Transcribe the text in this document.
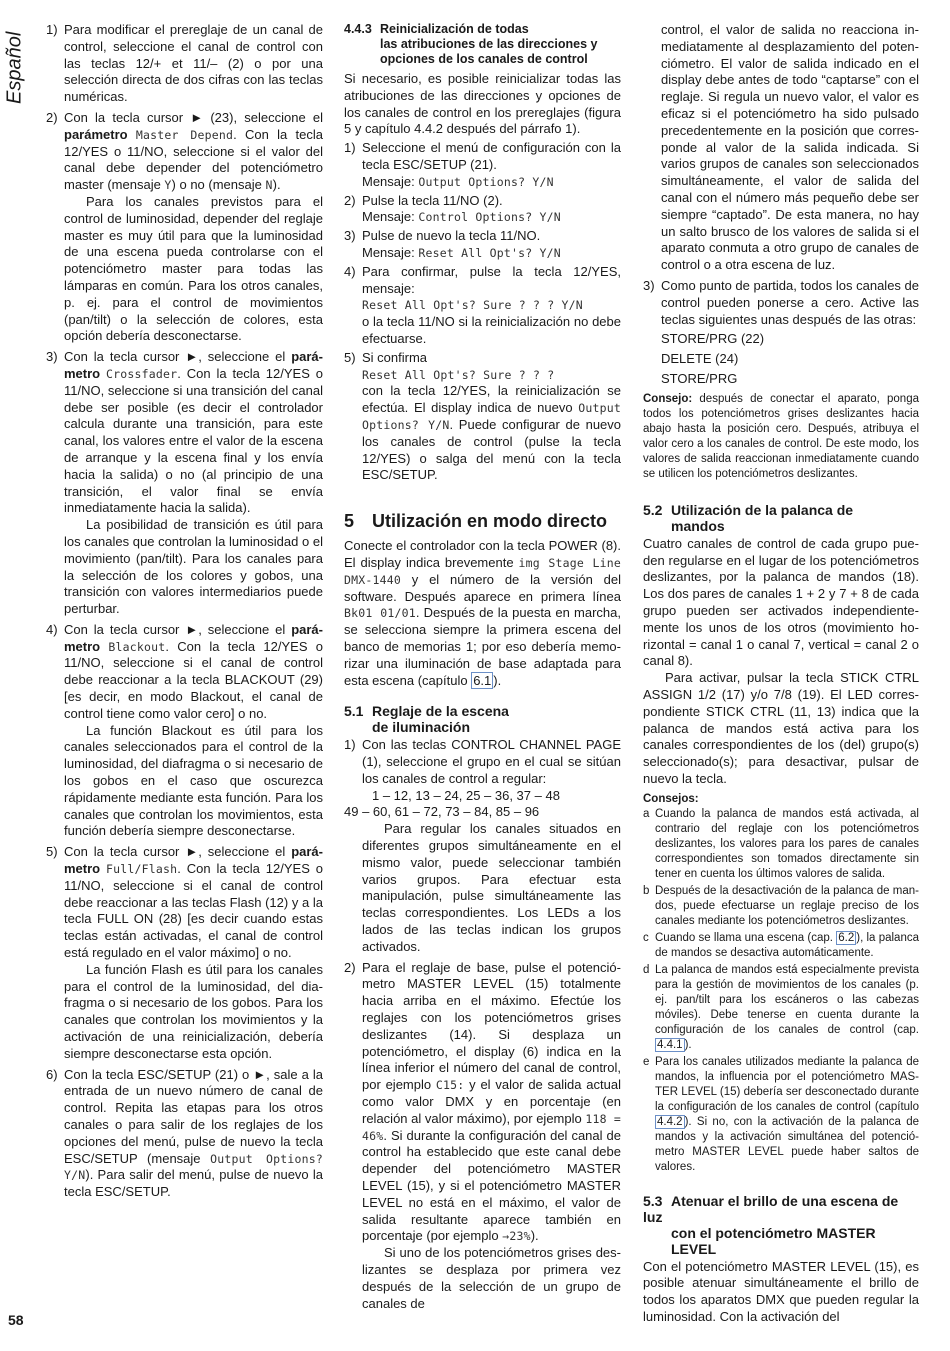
Español
58
1) Para modificar el prereglaje de un canal de control, seleccione el canal de control con las teclas 12/+ et 11/– (2) o por una selección directa de dos cifras con las teclas numéricas.

2) Con la tecla cursor ► (23), seleccione el parámetro Master Depend. Con la tecla 12/YES o 11/NO, seleccione si el valor del canal debe depender del potenciómetro master (mensaje Y) o no (mensaje N).

Para los canales previstos para el control de luminosidad, depender del reglaje master es muy útil para que la luminosidad de una escena pueda controlarse con el potenciómetro master para todas las lámparas en común. Para los otros canales, p. ej. para el control de movimientos (pan/tilt) o la selección de colores, esta opción debería desconectarse.

3) Con la tecla cursor ►, seleccione el parámetro Crossfader. Con la tecla 12/YES o 11/NO, seleccione si una transición del canal debe ser posible (es decir el controlador calcula durante una transición, para este canal, los valores entre el valor de la escena de arranque y la escena final y los envía hacia la salida) o no (al principio de una transición, el valor final se envía inmediatamente hacia la salida).

La posibilidad de transición es útil para los canales que controlan la luminosidad o el movimiento (pan/tilt). Para los canales para la selección de los colores y gobos, una transición con valores intermediarios puede perturbar.

4) Con la tecla cursor ►, seleccione el parámetro Blackout. Con la tecla 12/YES o 11/NO, seleccione si el canal de control debe reaccionar a la tecla BLACKOUT (29) [es decir, en modo Blackout, el canal de control tiene como valor cero] o no.

La función Blackout es útil para los canales seleccionados para el control de la luminosidad, del diafragma o si necesario de los gobos en el caso que oscurezca rápidamente mediante esta función. Para los canales que controlan los movimientos, esta función debería siempre desconectarse.

5) Con la tecla cursor ►, seleccione el parámetro Full/Flash. Con la tecla 12/YES o 11/NO, seleccione si el canal de control debe reaccionar a las teclas Flash (12) y a la tecla FULL ON (28) [es decir cuando estas teclas están activadas, el canal de control está regulado en el valor máximo] o no.

La función Flash es útil para los canales para el control de la luminosidad, del diafragma o si necesario de los gobos. Para los canales que controlan los movimientos y la activación de una reinicialización, debería siempre desconectarse esta opción.

6) Con la tecla ESC/SETUP (21) o ►, sale a la entrada de un nuevo número de canal de control. Repita las etapas para los otros canales o para salir de los reglajes de los opciones del menú, pulse de nuevo la tecla ESC/SETUP (mensaje Output Options? Y/N). Para salir del menú, pulse de nuevo la tecla ESC/SETUP.

4.4.3 Reinicialización de todas
las atribuciones de las direcciones y
opciones de los canales de control

Si necesario, es posible reinicializar todas las atribuciones de las direcciones y opciones de los canales de control en los prereglajes (figura 5 y capítulo 4.4.2 después del párrafo 1).

1) Seleccione el menú de configuración con la tecla ESC/SETUP (21).

Mensaje: Output Options? Y/N
2) Pulse la tecla 11/NO (2).

Mensaje: Control Options? Y/N
3) Pulse de nuevo la tecla 11/NO.

Mensaje: Reset All Opt's? Y/N
4) Para confirmar, pulse la tecla 12/YES, mensaje:

Reset All Opt's? Sure ? ? ? Y/N

o la tecla 11/NO si la reinicialización no debe efectuarse.

5) Si confirma

Reset All Opt's? Sure ? ? ?

con la tecla 12/YES, la reinicialización se efectúa. El display indica de nuevo Output Options? Y/N. Puede configurar de nuevo los canales de control (pulse la tecla 12/YES) o salga del menú con la tecla ESC/SETUP.

5 Utilización en modo directo

Conecte el controlador con la tecla POWER (8). El display indica brevemente img Stage Line DMX-1440 y el número de la versión del software. Después aparece en primera línea Bk01 01/01. Después de la puesta en marcha, se selecciona siempre la primera escena del banco de memorias 1; por eso debería memorizar una iluminación de base adaptada para esta escena (capítulo 6.1 ).

5.1 Reglaje de la escena
de iluminación
1) Con las teclas CONTROL CHANNEL PAGE (1), seleccione el grupo en el cual se sitúan los canales de control a regular:

1 – 12, 13 – 24, 25 – 36, 37 – 48
49 – 60, 61 – 72, 73 – 84, 85 – 96

Para regular los canales situados en diferentes grupos simultáneamente en el mismo valor, puede seleccionar también varios grupos. Para efectuar esta manipulación, pulse simultáneamente las teclas correspondientes. Los LEDs a los lados de las teclas indican los grupos activados.

2) Para el reglaje de base, pulse el potenciómetro MASTER LEVEL (15) totalmente hacia arriba en el máximo. Efectúe los reglajes con los potenciómetros grises deslizantes (14). Si desplaza un potenciómetro, el display (6) indica en la línea inferior el número del canal de control, por ejemplo C15: y el valor de salida actual como valor DMX y en porcentaje (en relación al valor máximo), por ejemplo 118 = 46%. Si durante la configuración del canal de control ha establecido que este canal debe depender del potenciómetro MASTER LEVEL (15), y si el potenciómetro MASTER LEVEL no está en el máximo, el valor de salida resultante aparece también en porcentaje (por ejemplo →23%).

Si uno de los potenciómetros grises deslizantes se desplaza por primera vez después de la selección de un grupo de canales de

control, el valor de salida no reacciona inmediatamente al desplazamiento del potenciómetro. El valor de salida indicado en el display debe antes de todo “captarse” con el reglaje. Si regula un nuevo valor, el valor es eficaz si el potenciómetro ha sido pulsado precedentemente en la posición que corresponde al valor de la salida indicada. Si varios grupos de canales son seleccionados simultáneamente, el valor de salida del canal con el número más pequeño debe ser siempre “captado”. De esta manera, no hay un salto brusco de los valores de salida si el aparato conmuta a otro grupo de canales de control o a otra escena de luz.

3) Como punto de partida, todos los canales de control pueden ponerse a cero. Active las teclas siguientes unas después de las otras:

STORE/PRG (22)
DELETE (24)
STORE/PRG

Consejo: después de conectar el aparato, ponga todos los potenciómetros grises deslizantes hacia abajo hasta la posición cero. Después, atribuya el valor cero a los canales de control. De este modo, los valores de salida reaccionan inmediatamente cuando se utilicen los potenciómetros deslizantes.

5.2 Utilización de la palanca de
mandos

Cuatro canales de control de cada grupo pueden regularse en el lugar de los potenciómetros deslizantes, por la palanca de mandos (18). Los dos pares de canales 1 + 2 y 7 + 8 de cada grupo pueden ser activados independientemente los unos de los otros (movimiento horizontal = canal 1 o canal 7, vertical = canal 2 o canal 8).

Para activar, pulsar la tecla STICK CTRL ASSIGN 1/2 (17) y/o 7/8 (19). El LED correspondiente STICK CTRL (11, 13) indica que la palanca de mandos está activa para los canales correspondientes de los (del) grupo(s) seleccionado(s); para desactivar, pulsar de nuevo la tecla.

Consejos:
a Cuando la palanca de mandos está activada, al contrario del reglaje con los potenciómetros deslizantes, los valores para los pares de canales correspondientes son tomados directamente sin tener en cuenta los últimos valores de salida.

b Después de la desactivación de la palanca de mandos, puede efectuarse un reglaje preciso de los canales mediante los potenciómetros deslizantes.

c Cuando se llama una escena (cap. 6.2 ), la palanca de mandos se desactiva automáticamente.

d La palanca de mandos está especialmente prevista para la gestión de movimientos de los canales (p. ej. pan/tilt para los escáneros o las cabezas móviles). Debe tenerse en cuenta durante la configuración de los canales de control (cap. 4.4.1 ).

e Para los canales utilizados mediante la palanca de mandos, la influencia por el potenciómetro MASTER LEVEL (15) debería ser desconectado durante la configuración de los canales de control (capítulo 4.4.2 ). Si no, con la activación de la palanca de mandos y la activación simultánea del potenciómetro MASTER LEVEL puede haber saltos de valores.

5.3 Atenuar el brillo de una escena de luz
con el potenciómetro MASTER LEVEL

Con el potenciómetro MASTER LEVEL (15), es posible atenuar simultáneamente el brillo de todos los aparatos DMX que pueden regular la luminosidad. Con la activación del
